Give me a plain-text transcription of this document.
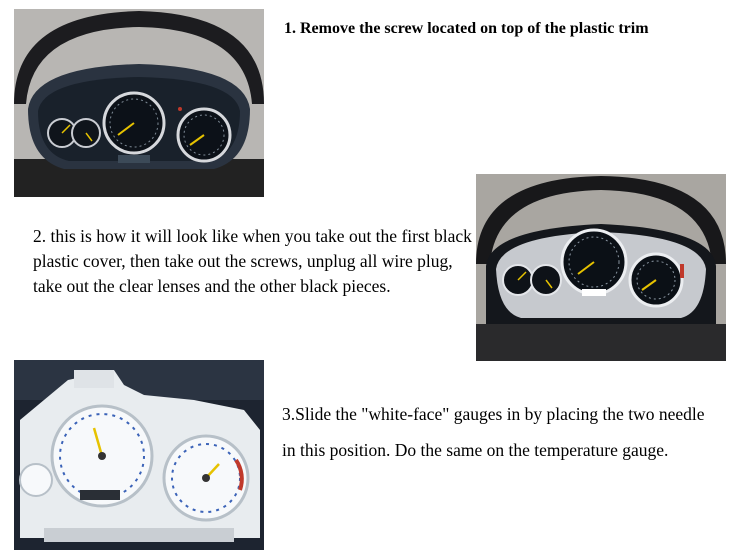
1. Remove the screw located on top of the plastic trim

2. this is how it will look like when you take out the first black plastic cover, then take out the screws, unplug all wire plug, take out the clear lenses and the other black pieces.

3.Slide the "white-face" gauges in by placing the two needle in this position. Do the same on the temperature gauge.
